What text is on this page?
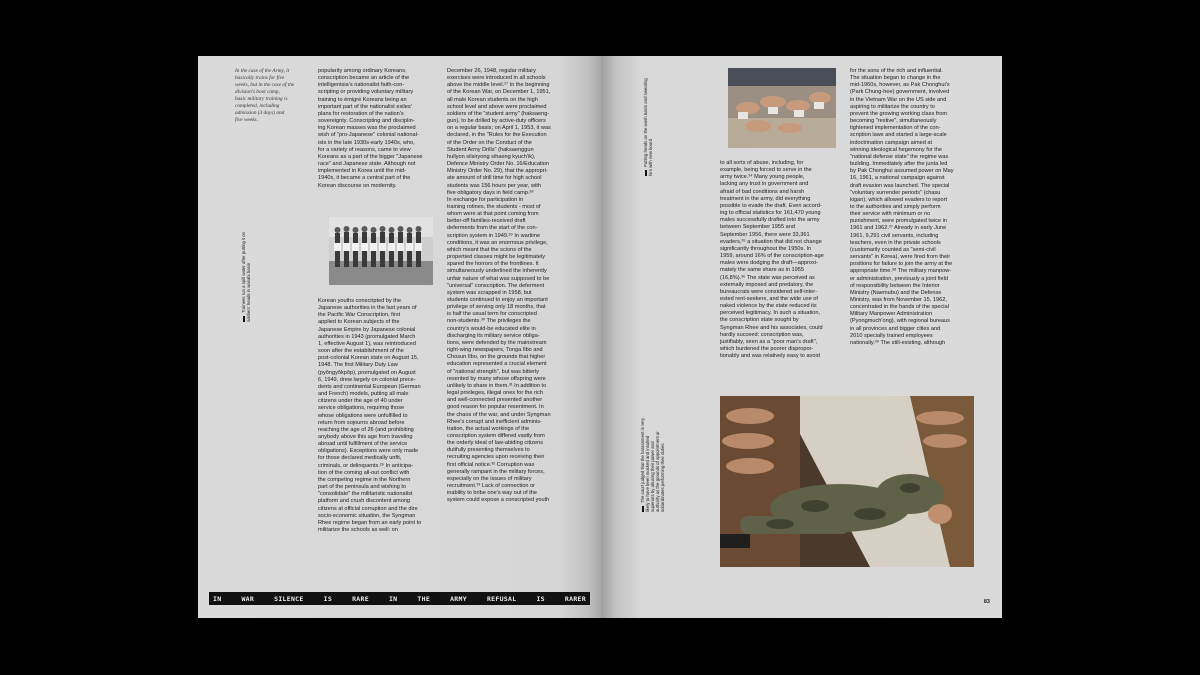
In the case of the Army, it
basically trains for five
weeks, but in the case of the
division's boot camp,
basic military training is
completed, including
admission (3 days) and
five weeks.

Trainees run a spill water after putting it on
soldiers' heads in wasabi basin

popularity among ordinary Koreans,
conscription became an article of the
intelligentsia's nationalist faith-con-
scripting or providing voluntary military
training to émigré Koreans being an
important part of the nationalist exiles'
plans for restoration of the nation's
sovereignty. Conscripting and disciplin-
ing Korean masses was the proclaimed
wish of "pro-Japanese" colonial national-
ists in the late 1930s-early 1940s, who,
for a variety of reasons, came to view
Koreans as a part of the bigger "Japanese
race" and Japanese state. Although not
implemented in Korea until the mid-
1940s, it became a central part of the
Korean discourse on modernity.
Korean youths conscripted by the
Japanese authorities in the last years of
the Pacific War Conscription, first
applied to Korean subjects of the
Japanese Empire by Japanese colonial
authorities in 1943 (promulgated March
1, effective August 1), was reintroduced
soon after the establishment of the
post-colonial Korean state on August 15,
1948. The first Military Duty Law
(pyŏngyŏkpŏp), promulgated on August
6, 1949, drew largely on colonial prece-
dents and continental European (German
and French) models, putting all male
citizens under the age of 40 under
service obligations, requiring those
whose obligations were unfulfilled to
return from sojourns abroad before
reaching the age of 26 (and prohibiting
anybody above this age from traveling
abroad until fulfillment of the service
obligations). Exceptions were only made
for those declared medically unfit,
criminals, or delinquents.²⁶ In anticipa-
tion of the coming all-out conflict with
the competing regime in the Northern
part of the peninsula and wishing to
"consolidate" the militaristic nationalist
platform and crush discontent among
citizens at official corruption and the dire
socio-economic situation, the Syngman
Rhee regime began from an early point to
militarize the schools as well: on
December 26, 1948, regular military
exercises were introduced in all schools
above the middle level.²⁷ In the beginning
of the Korean War, on December 1, 1951,
all male Korean students on the high
school level and above were proclaimed
soldiers of the "student army" (haksaeng-
gun), to be drilled by active-duty officers
on a regular basis; on April 1, 1953, it was
declared, in the "Rules for the Execution
of the Order on the Conduct of the
Student Army Drills" (haksaenggun
hullyon silsiryong sihaeng kyuch'ik),
Defence Ministry Order No. 16/Education
Ministry Order No. 29), that the appropri-
ate amount of drill time for high school
students was 156 hours per year, with
five obligatory days in field camp.²⁸
In exchange for participation in
training rotines, the students - most of
whom were at that point coming from
better-off families-received draft
deferments from the start of the con-
scription system in 1949.²⁹ In wartime
conditions, it was an enormous privilege,
which meant that the scions of the
propertied classes might be legitimately
spared the horrors of the frontlines. It
simultaneously underlined the inherently
unfair nature of what was supposed to be
"universal" conscription. The deferment
system was scrapped in 1958, but
students continued to enjoy an important
privilege of serving only 18 months, that
is half the usual term for conscripted
non-students.³⁰ The privileges the
country's would-be educated elite in
discharging its military service obliga-
tions, were defended by the mainstream
right-wing newspapers, Tonga Ilbo and
Chosun Ilbo, on the grounds that higher
education represented a crucial element
of "national strength", but was bitterly
resented by many whose offspring were
unlikely to share in them.³¹ In addition to
legal privileges, illegal ones for the rich
and well-connected presented another
good reason for popular resentment. In
the chaos of the war, and under Syngman
Rhee's corrupt and inefficient adminis-
tration, the actual workings of the
conscription system differed vastly from
the orderly ideal of law-abiding citizens
dutifully presenting themselves to
recruiting agencies upon receiving their
first official notice.³² Corruption was
generally rampant in the military forces,
especially on the issues of military
recruitment.³³ Lack of connection or
inability to bribe one's way out of the
system could expose a conscripted youth
IN	WAR	SILENCE	IS	RARE	IN	THE	ARMY	REFUSAL	IS	RARER

Putting heads on the wash basin and sweating
him with new board

The court judged that the harassment is very
likely to have been mocked and insulted
superiors by abusing their power and
authority as the grounds of appointment or
subordinates performing their duties

to all sorts of abuse, including, for
example, being forced to serve in the
army twice.³⁴ Many young people,
lacking any trust in government and
afraid of bad conditions and harsh
treatment in the army, did everything
possible to evade the draft. Even accord-
ing to official statistics for 161,470 young
males successfully drafted into the army
between September 1955 and
September 1956, there were 33,361
evaders,³⁵ a situation that did not change
significantly throughout the 1950s. In
1959, around 16% of the conscription-age
males were dodging the draft—approxi-
mately the same share as in 1955
(16,8%).³⁶ The state was perceived as
externally imposed and predatory, the
bureaucrats were considered self-inter-
ested rent-seekers, and the wide use of
naked violence by the state reduced its
perceived legitimacy. In such a situation,
the conscription state sought by
Syngman Rhee and his associates, could
hardly succeed: conscription was,
justifiably, seen as a "poor man's draft",
which burdened the poorer dispropor-
tionably and was relatively easy to avoid
for the sons of the rich and influential.
The situation began to change in the
mid-1960s, however, as Pak Chonghui's
(Park Chung-hee) government, involved
in the Vietnam War on the US side and
aspiring to militarize the country to
prevent the growing working class from
becoming "restive", simultaneously
tightened implementation of the con-
scription laws and started a large-scale
indoctrination campaign aimed at
winning ideological hegemony for the
"national defense state" the regime was
building. Immediately after the junta led
by Pak Chonghui assumed power on May
16, 1961, a national campaign against
draft evasion was launched. The special
"voluntary surrender periods" (chasu
kigan), which allowed evaders to report
to the authorities and simply perform
their service with minimum or no
punishment, were promulgated twice in
1961 and 1962.³⁷ Already in early June
1961, 9,291 civil servants, including
teachers, even in the private schools
(customarily counted as "semi-civil
servants" in Korea), were fired from their
positions for failure to join the army at the
appropriate time.³⁸ The military manpow-
er administration, previously a joint field
of responsibility between the Interior
Ministry (Naemubu) and the Defense
Ministry, was from November 15, 1962,
concentrated in the hands of the special
Military Manpower Administration
(Pyongmuch'ong), with regional bureaus
in all provinces and bigger cities and
2010 specially trained employees
nationally.³⁹ The still-existing, although
83
